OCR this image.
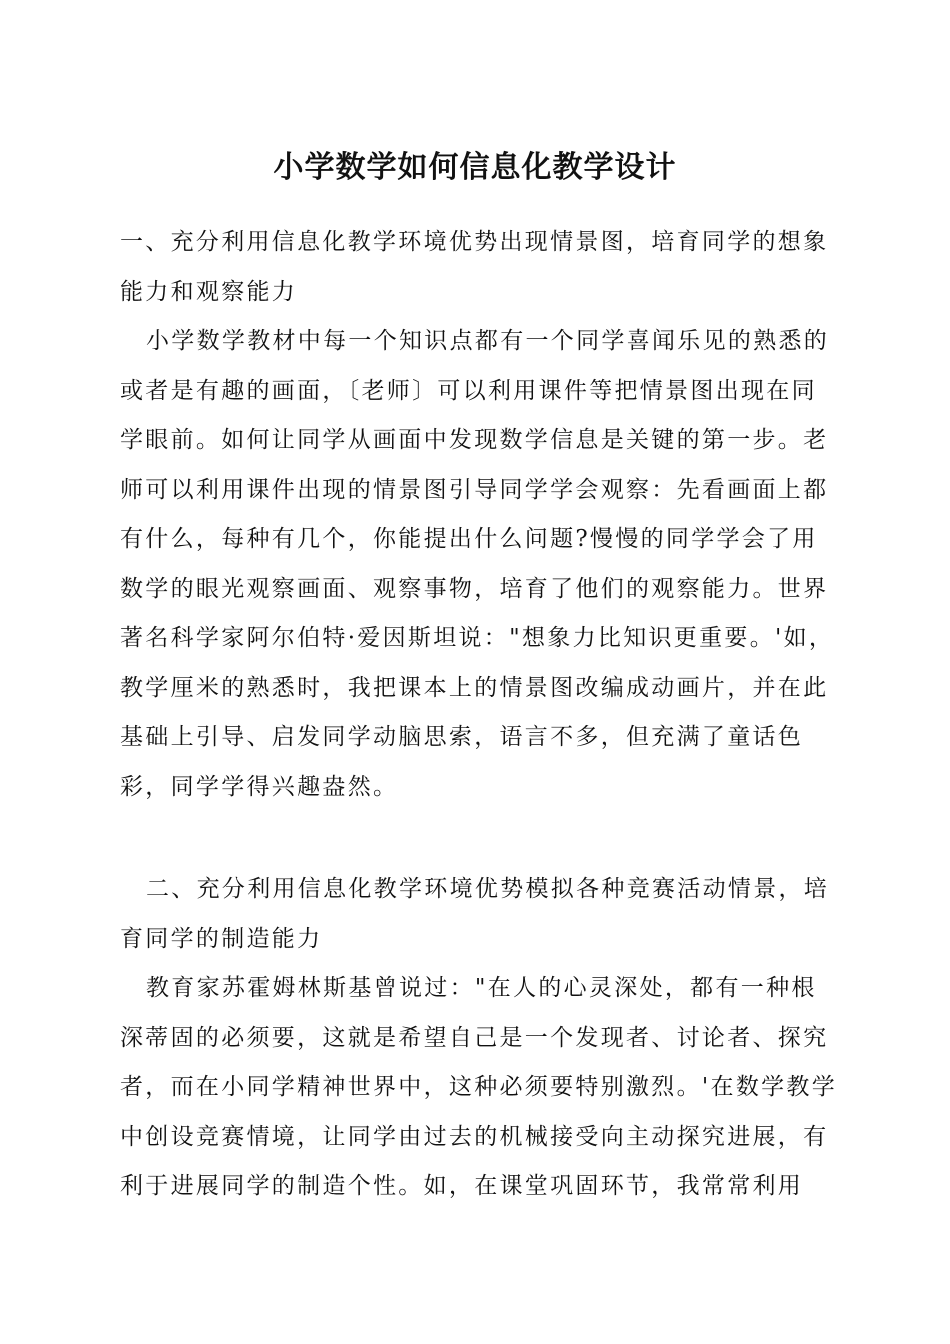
小学数学如何信息化教学设计

一、充分利用信息化教学环境优势出现情景图，培育同学的想象能力和观察能力

小学数学教材中每一个知识点都有一个同学喜闻乐见的熟悉的或者是有趣的画面，〔老师〕可以利用课件等把情景图出现在同学眼前。如何让同学从画面中发现数学信息是关键的第一步。老师可以利用课件出现的情景图引导同学学会观察：先看画面上都有什么，每种有几个，你能提出什么问题?慢慢的同学学会了用数学的眼光观察画面、观察事物，培育了他们的观察能力。世界著名科学家阿尔伯特·爱因斯坦说："想象力比知识更重要。'如，教学厘米的熟悉时，我把课本上的情景图改编成动画片，并在此基础上引导、启发同学动脑思索，语言不多，但充满了童话色彩，同学学得兴趣盎然。

二、充分利用信息化教学环境优势模拟各种竞赛活动情景，培育同学的制造能力

教育家苏霍姆林斯基曾说过："在人的心灵深处，都有一种根深蒂固的必须要，这就是希望自己是一个发现者、讨论者、探究者，而在小同学精神世界中，这种必须要特别激烈。'在数学教学中创设竞赛情境，让同学由过去的机械接受向主动探究进展，有利于进展同学的制造个性。如，在课堂巩固环节，我常常利用
